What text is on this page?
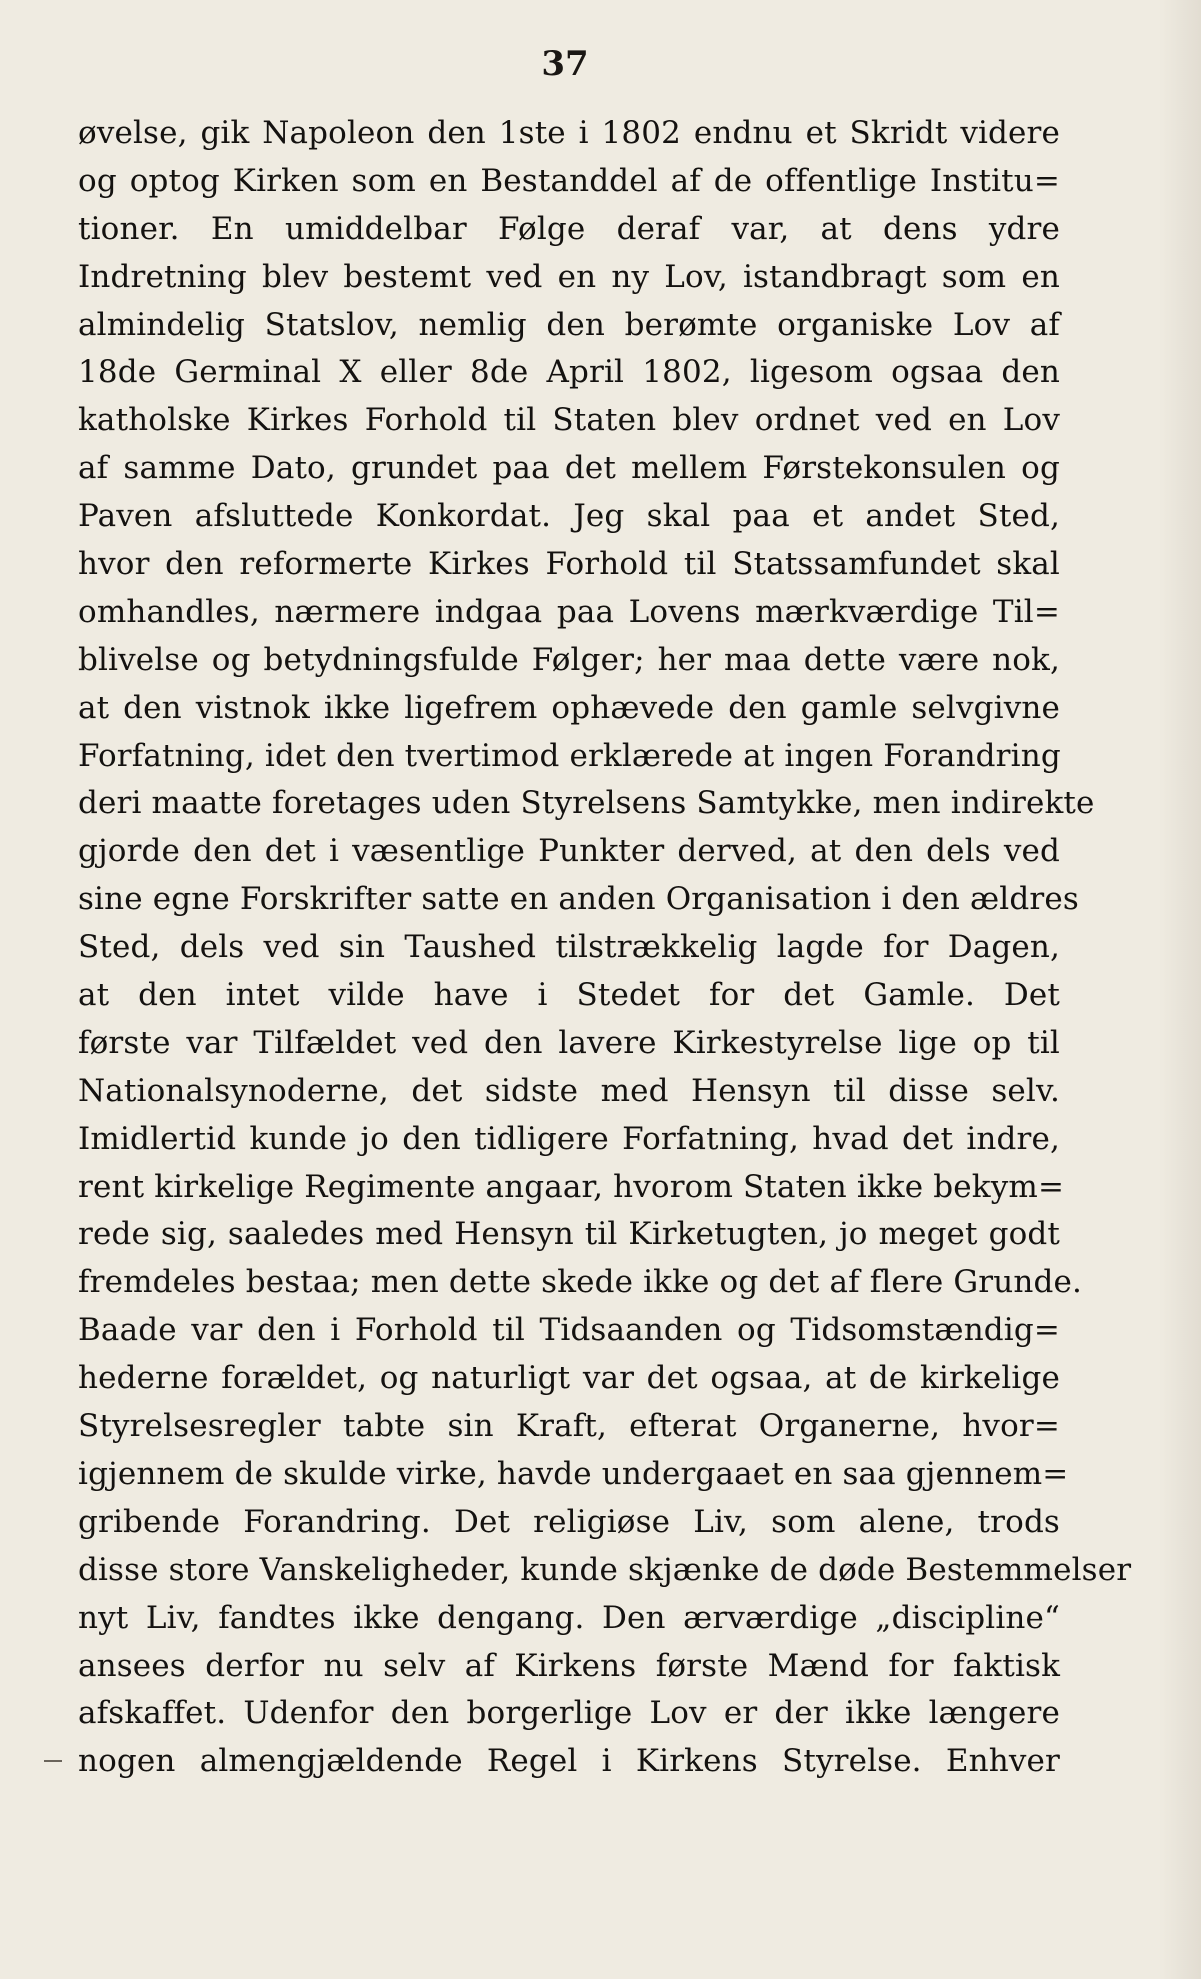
37
øvelse, gik Napoleon den 1ste i 1802 endnu et Skridt videre
og optog Kirken som en Bestanddel af de offentlige Institu=
tioner. En umiddelbar Følge deraf var, at dens ydre
Indretning blev bestemt ved en ny Lov, istandbragt som en
almindelig Statslov, nemlig den berømte organiske Lov af
18de Germinal X eller 8de April 1802, ligesom ogsaa den
katholske Kirkes Forhold til Staten blev ordnet ved en Lov
af samme Dato, grundet paa det mellem Førstekonsulen og
Paven afsluttede Konkordat. Jeg skal paa et andet Sted,
hvor den reformerte Kirkes Forhold til Statssamfundet skal
omhandles, nærmere indgaa paa Lovens mærkværdige Til=
blivelse og betydningsfulde Følger; her maa dette være nok,
at den vistnok ikke ligefrem ophævede den gamle selvgivne
Forfatning, idet den tvertimod erklærede at ingen Forandring
deri maatte foretages uden Styrelsens Samtykke, men indirekte
gjorde den det i væsentlige Punkter derved, at den dels ved
sine egne Forskrifter satte en anden Organisation i den ældres
Sted, dels ved sin Taushed tilstrækkelig lagde for Dagen,
at den intet vilde have i Stedet for det Gamle. Det
første var Tilfældet ved den lavere Kirkestyrelse lige op til
Nationalsynoderne, det sidste med Hensyn til disse selv.
Imidlertid kunde jo den tidligere Forfatning, hvad det indre,
rent kirkelige Regimente angaar, hvorom Staten ikke bekym=
rede sig, saaledes med Hensyn til Kirketugten, jo meget godt
fremdeles bestaa; men dette skede ikke og det af flere Grunde.
Baade var den i Forhold til Tidsaanden og Tidsomstændig=
hederne forældet, og naturligt var det ogsaa, at de kirkelige
Styrelsesregler tabte sin Kraft, efterat Organerne, hvor=
igjennem de skulde virke, havde undergaaet en saa gjennem=
gribende Forandring. Det religiøse Liv, som alene, trods
disse store Vanskeligheder, kunde skjænke de døde Bestemmelser
nyt Liv, fandtes ikke dengang. Den ærværdige „discipline“
ansees derfor nu selv af Kirkens første Mænd for faktisk
afskaffet. Udenfor den borgerlige Lov er der ikke længere
nogen almengjældende Regel i Kirkens Styrelse. Enhver
